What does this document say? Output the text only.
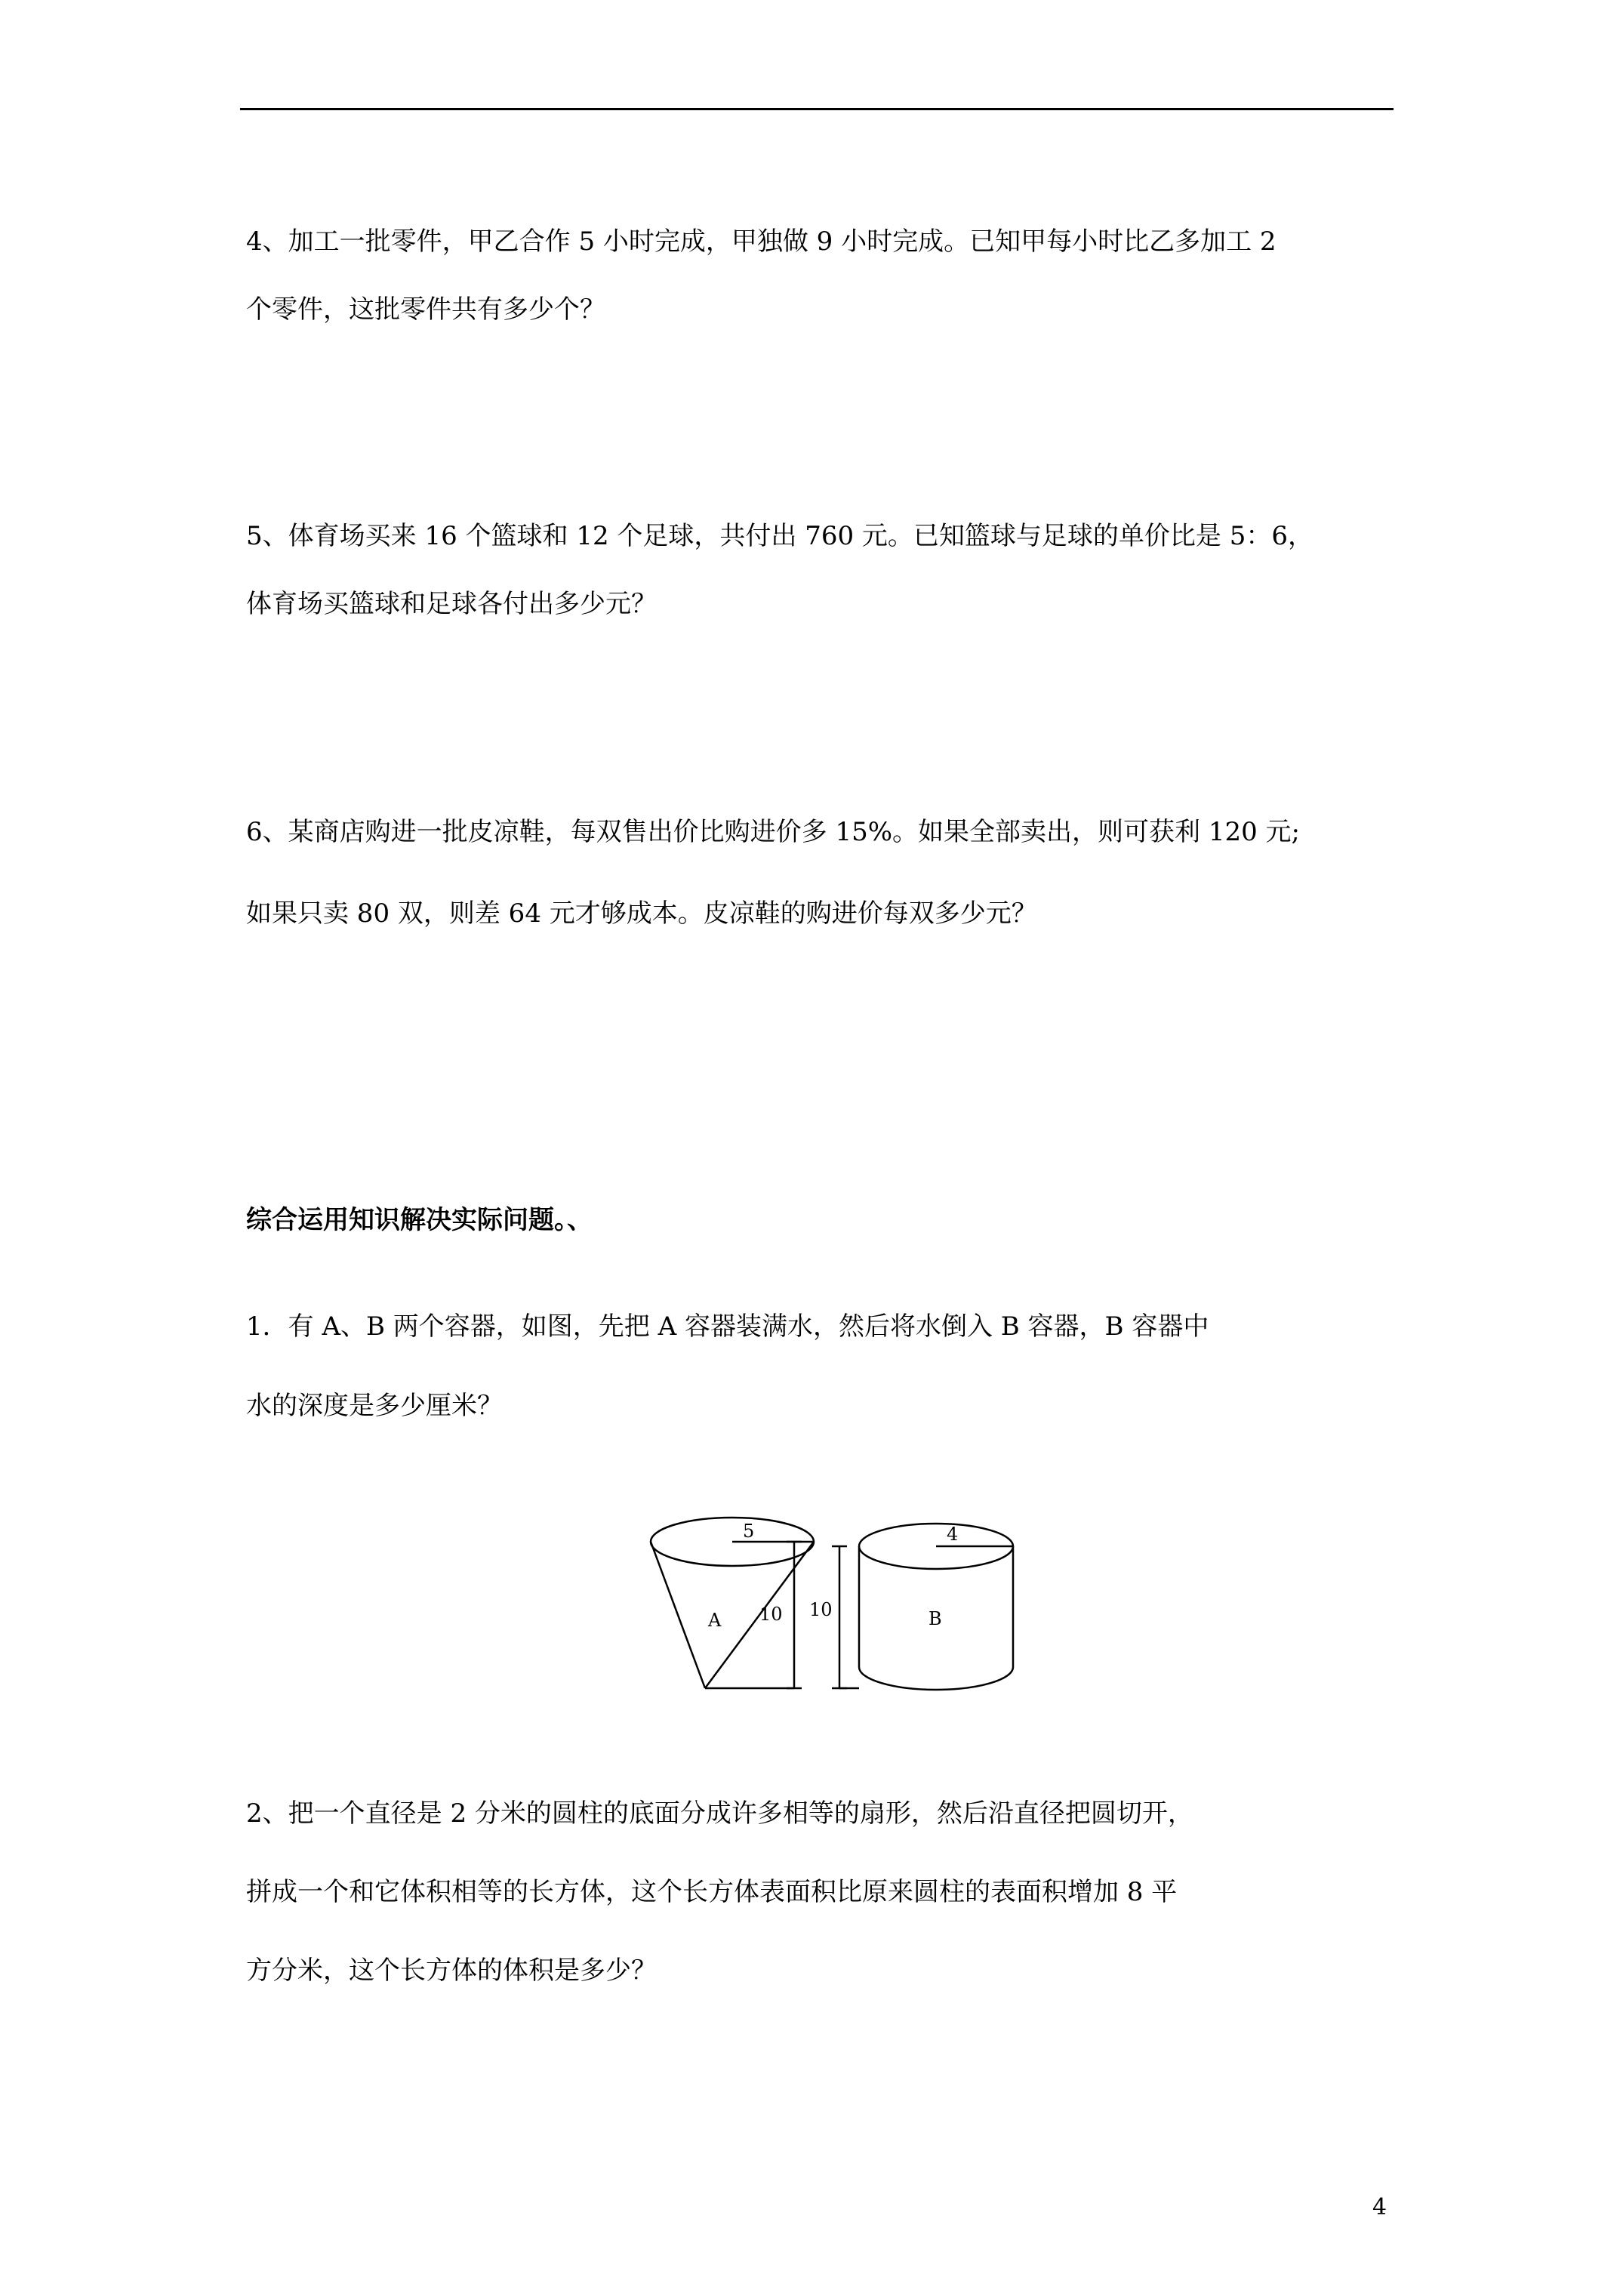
4、加工一批零件，甲乙合作 5 小时完成，甲独做 9 小时完成。已知甲每小时比乙多加工 2
个零件，这批零件共有多少个？
5、体育场买来 16 个篮球和 12 个足球，共付出 760 元。已知篮球与足球的单价比是 5：6，
体育场买篮球和足球各付出多少元？
6、某商店购进一批皮凉鞋，每双售出价比购进价多 15%。如果全部卖出，则可获利 120 元;
如果只卖 80 双，则差 64 元才够成本。皮凉鞋的购进价每双多少元？
综合运用知识解决实际问题。、
1．有 A、B 两个容器，如图，先把 A 容器装满水，然后将水倒入 B 容器，B 容器中
水的深度是多少厘米？
5
A 10 10
4
B
2、把一个直径是 2 分米的圆柱的底面分成许多相等的扇形，然后沿直径把圆切开，
拼成一个和它体积相等的长方体，这个长方体表面积比原来圆柱的表面积增加 8 平
方分米，这个长方体的体积是多少？
4
